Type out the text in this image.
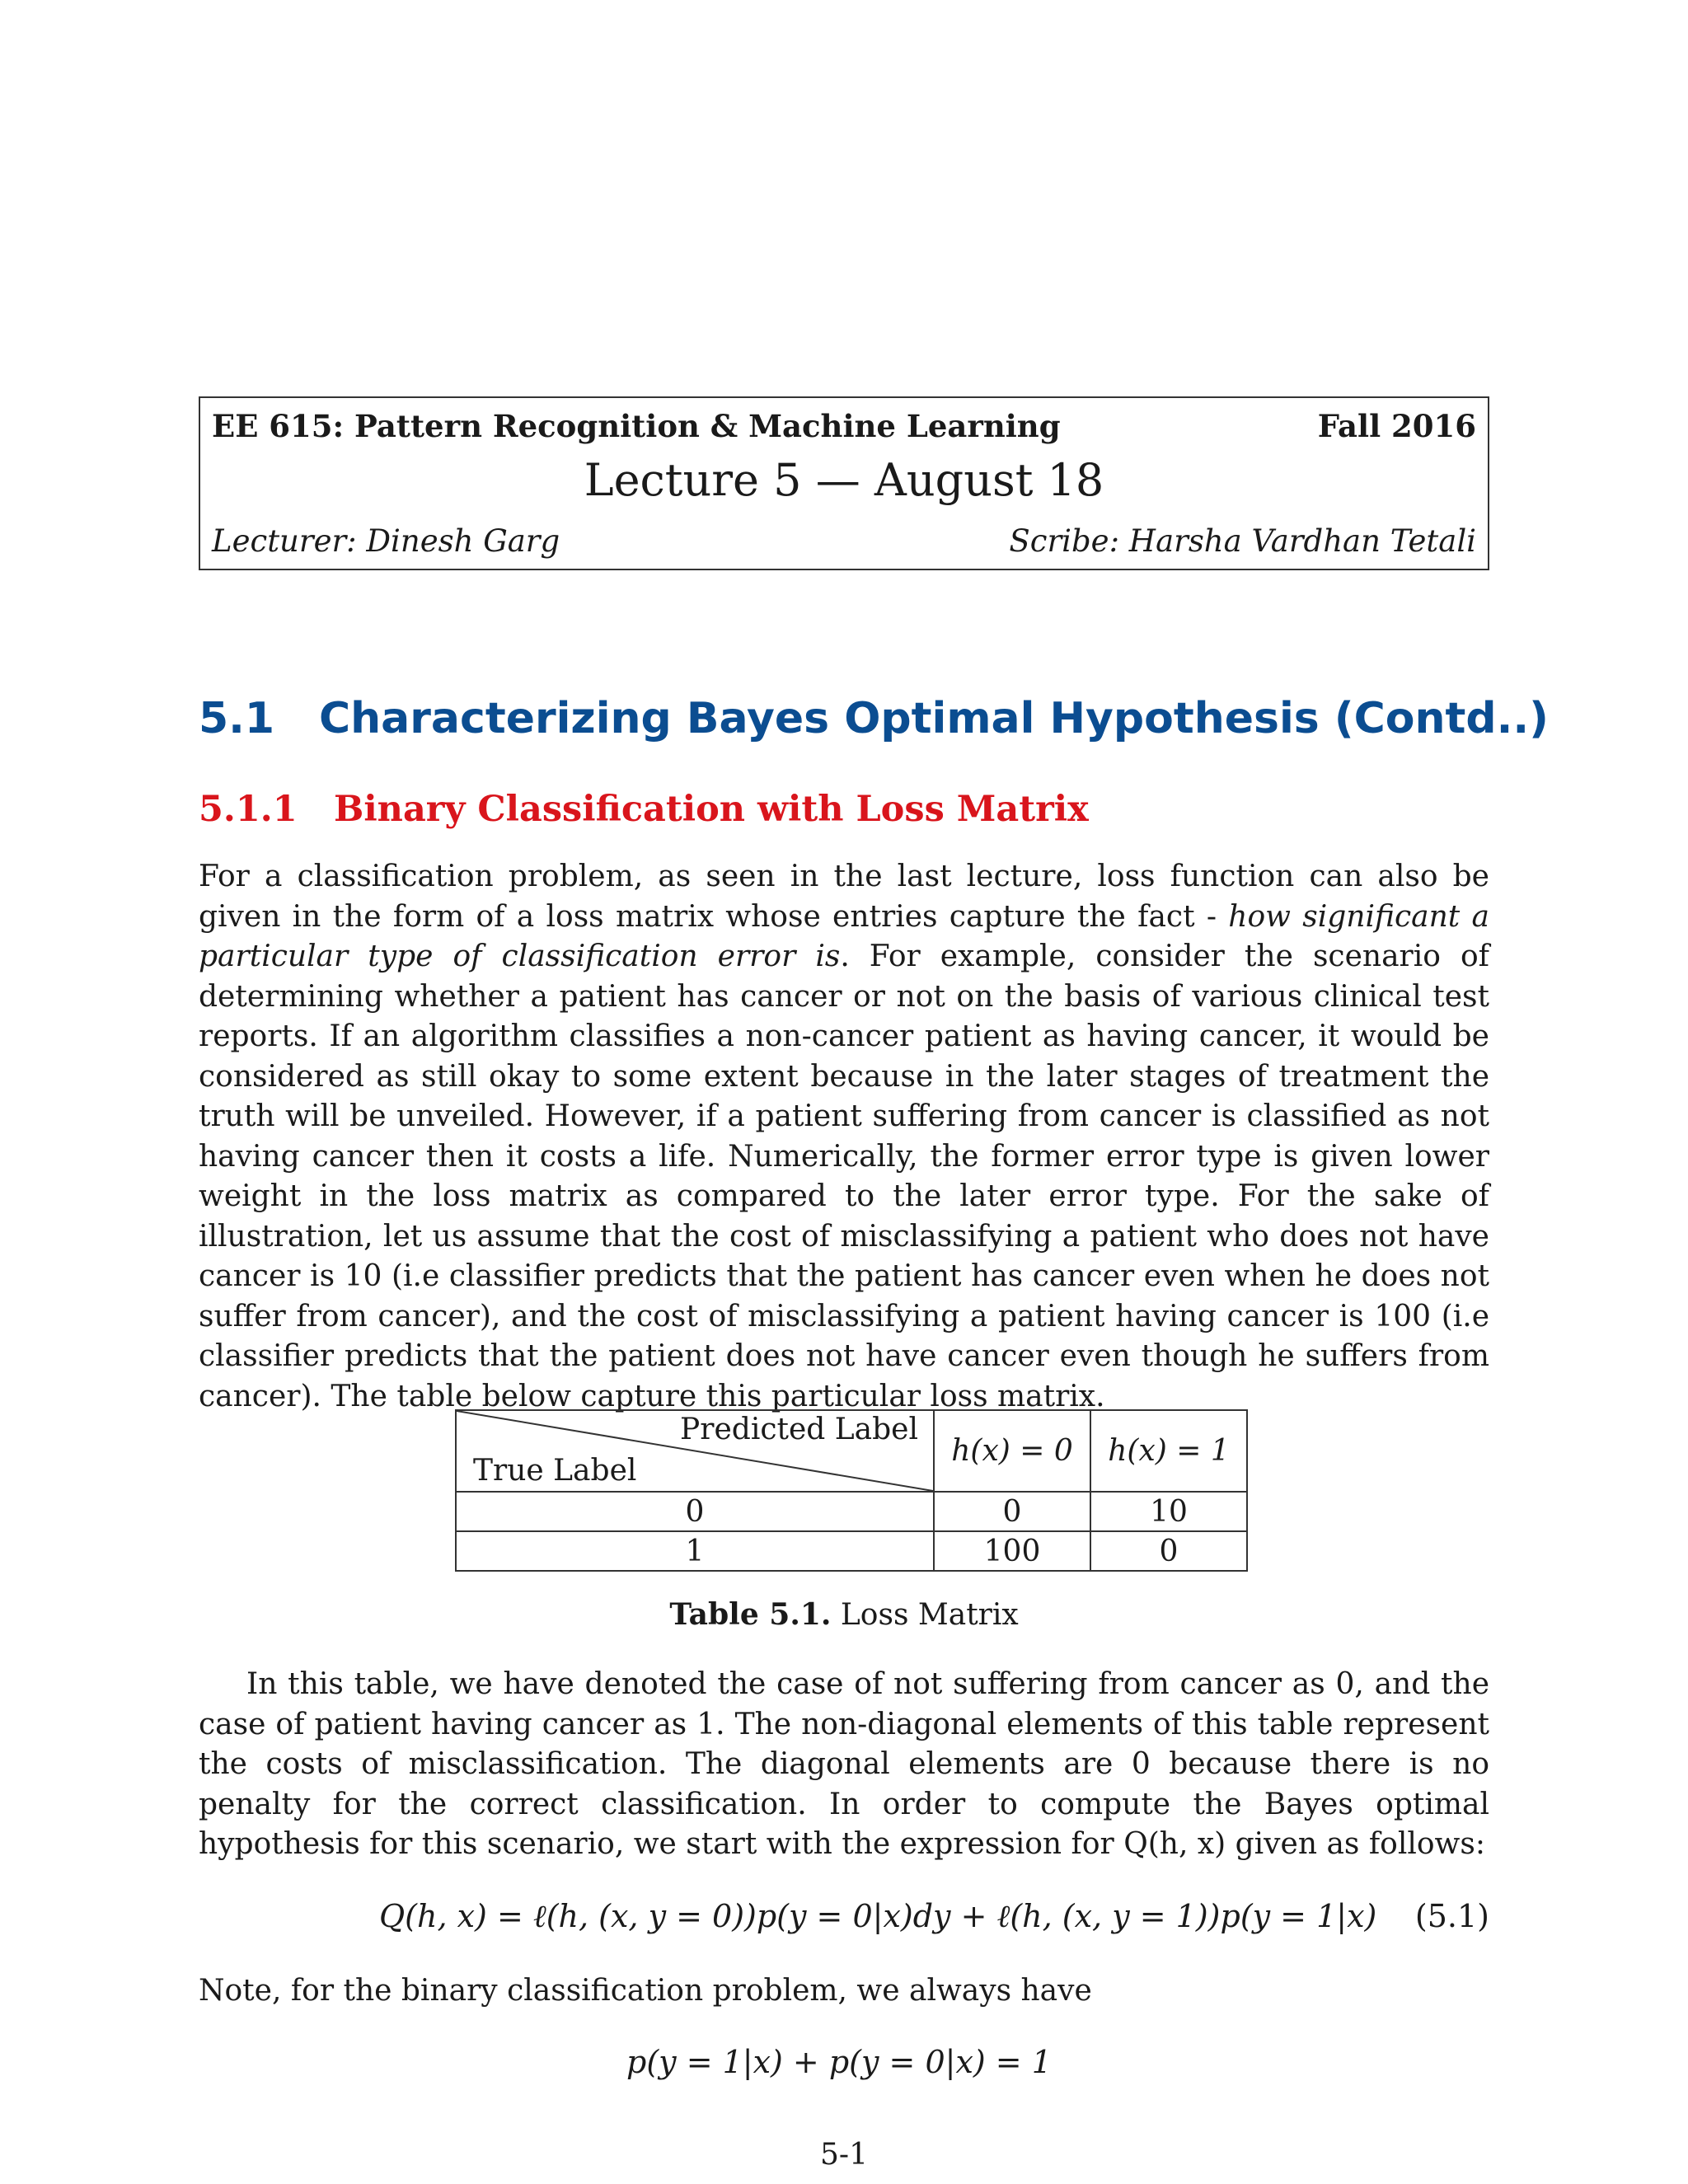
EE 615: Pattern Recognition & Machine Learning	Fall 2016
Lecture 5 — August 18
Lecturer: Dinesh Garg	Scribe: Harsha Vardhan Tetali
5.1 Characterizing Bayes Optimal Hypothesis (Contd..)
5.1.1 Binary Classification with Loss Matrix
For a classification problem, as seen in the last lecture, loss function can also be given in the form of a loss matrix whose entries capture the fact - how significant a particular type of classification error is. For example, consider the scenario of determining whether a patient has cancer or not on the basis of various clinical test reports. If an algorithm classifies a non-cancer patient as having cancer, it would be considered as still okay to some extent because in the later stages of treatment the truth will be unveiled. However, if a patient suffering from cancer is classified as not having cancer then it costs a life. Numerically, the former error type is given lower weight in the loss matrix as compared to the later error type. For the sake of illustration, let us assume that the cost of misclassifying a patient who does not have cancer is 10 (i.e classifier predicts that the patient has cancer even when he does not suffer from cancer), and the cost of misclassifying a patient having cancer is 100 (i.e classifier predicts that the patient does not have cancer even though he suffers from cancer). The table below capture this particular loss matrix.
Predicted Label
True Label	h(x) = 0	h(x) = 1
0	0	10
1	100	0
Table 5.1. Loss Matrix
In this table, we have denoted the case of not suffering from cancer as 0, and the case of patient having cancer as 1. The non-diagonal elements of this table represent the costs of misclassification. The diagonal elements are 0 because there is no penalty for the correct classification. In order to compute the Bayes optimal hypothesis for this scenario, we start with the expression for Q(h, x) given as follows:
Q(h, x) = ℓ(h, (x, y = 0))p(y = 0|x)dy + ℓ(h, (x, y = 1))p(y = 1|x) (5.1)
Note, for the binary classification problem, we always have
p(y = 1|x) + p(y = 0|x) = 1
5-1
